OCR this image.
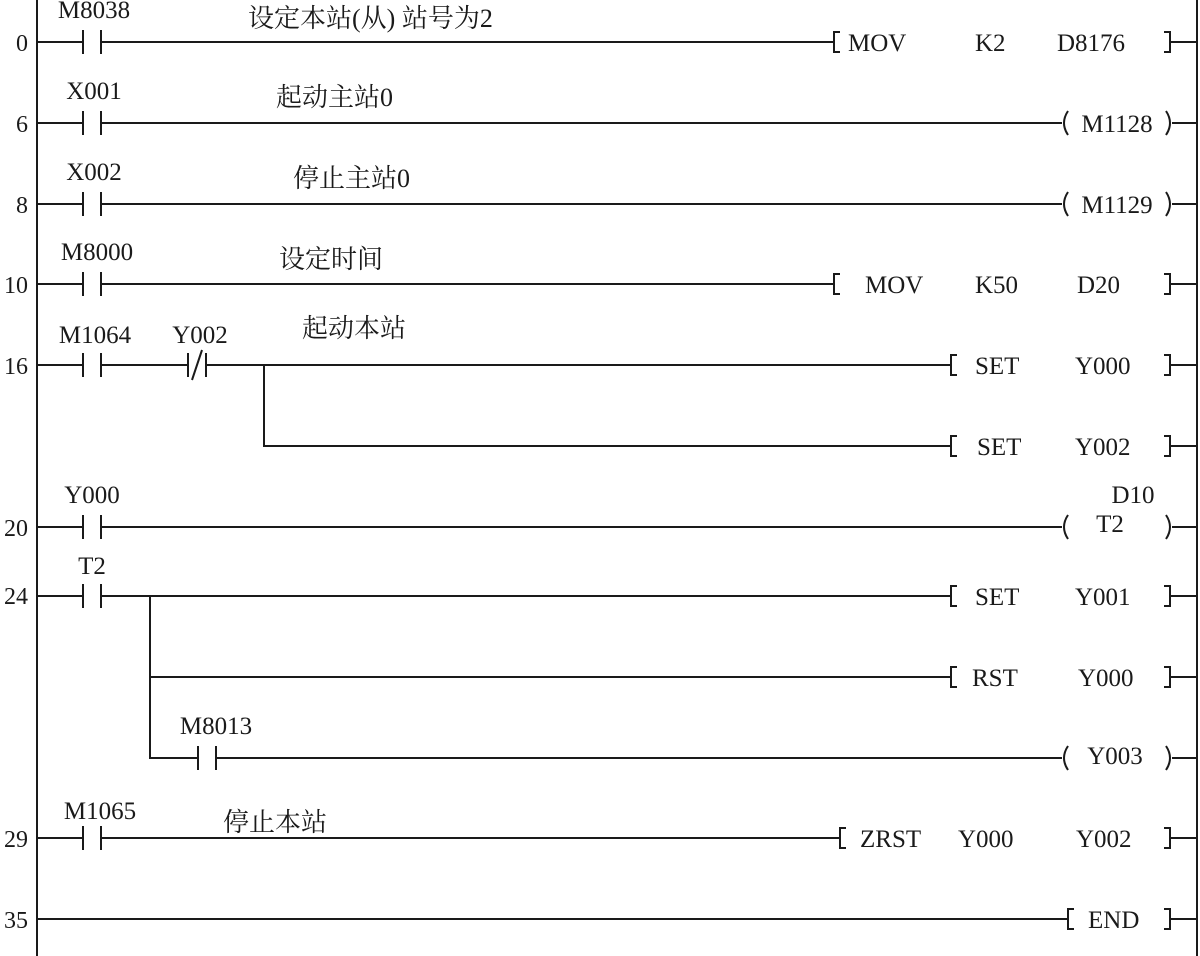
0
设定本站(从) 站号为2
M8038
MOV	K2 D8176
6
起动主站0
X001
M1128
8
停止主站0
X002
M1129
10
设定时间
M8000
MOV K50 D20
16
起动本站
M1064 Y002
SET Y000
SET Y002
20
Y000	D10
T2
24
T2
SET Y001
RST Y000
M8013
Y003
29
停止本站
M1065
ZRST Y000 Y002
35	END
